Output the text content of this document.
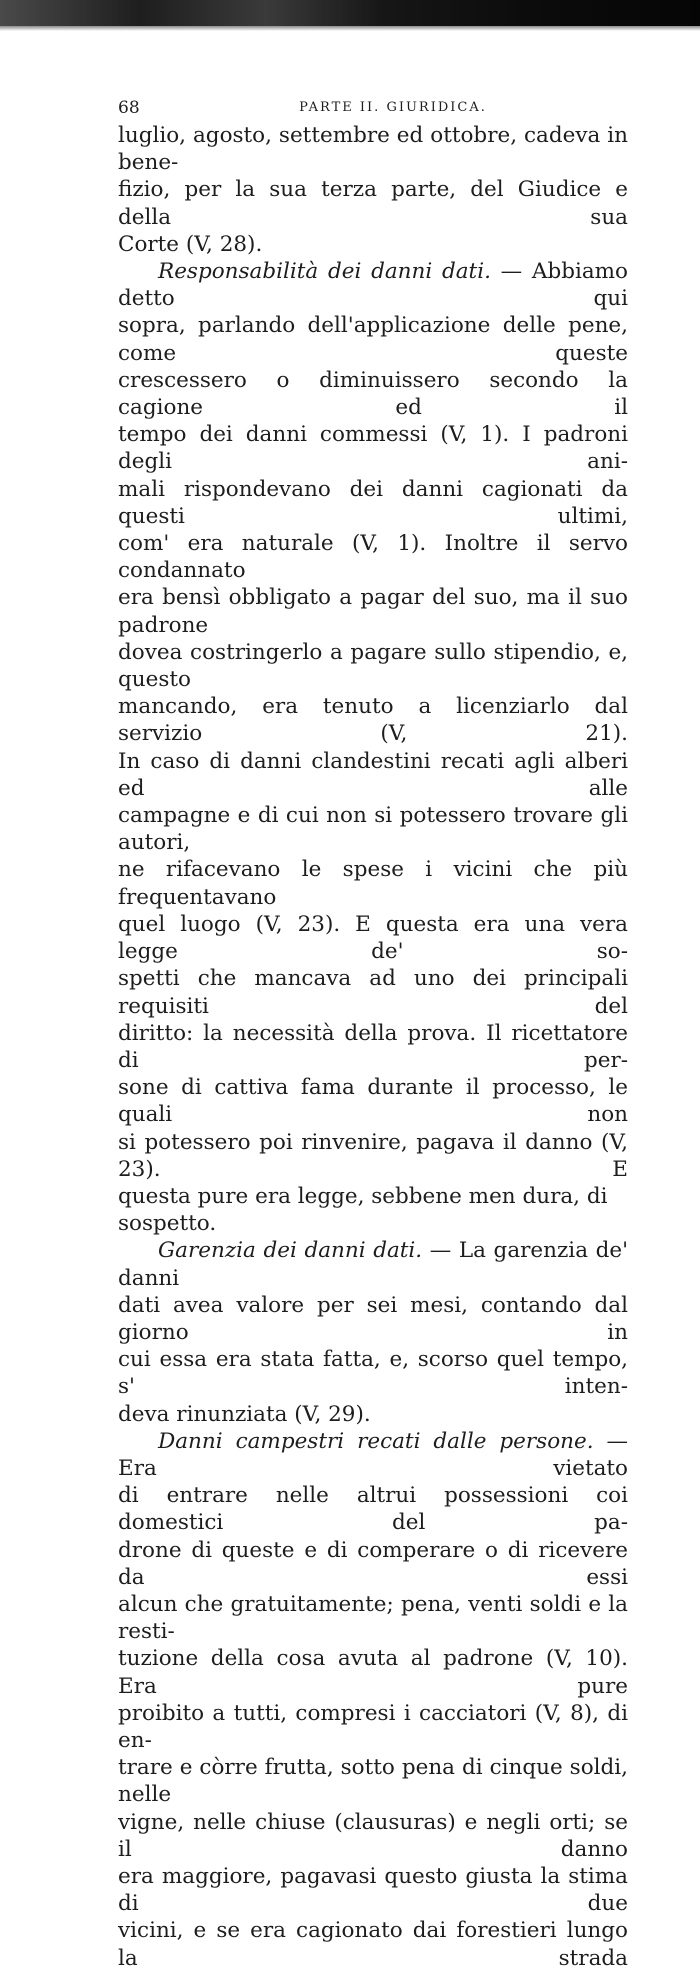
68	PARTE II. GIURIDICA.

luglio, agosto, settembre ed ottobre, cadeva in bene-
fizio, per la sua terza parte, del Giudice e della sua
Corte (V, 28).

Responsabilità dei danni dati. — Abbiamo detto qui
sopra, parlando dell'applicazione delle pene, come queste
crescessero o diminuissero secondo la cagione ed il
tempo dei danni commessi (V, 1). I padroni degli ani-
mali rispondevano dei danni cagionati da questi ultimi,
com' era naturale (V, 1). Inoltre il servo condannato
era bensì obbligato a pagar del suo, ma il suo padrone
dovea costringerlo a pagare sullo stipendio, e, questo
mancando, era tenuto a licenziarlo dal servizio (V, 21).
In caso di danni clandestini recati agli alberi ed alle
campagne e di cui non si potessero trovare gli autori,
ne rifacevano le spese i vicini che più frequentavano
quel luogo (V, 23). E questa era una vera legge de' so-
spetti che mancava ad uno dei principali requisiti del
diritto: la necessità della prova. Il ricettatore di per-
sone di cattiva fama durante il processo, le quali non
si potessero poi rinvenire, pagava il danno (V, 23). E
questa pure era legge, sebbene men dura, di sospetto.

Garenzia dei danni dati. — La garenzia de' danni
dati avea valore per sei mesi, contando dal giorno in
cui essa era stata fatta, e, scorso quel tempo, s' inten-
deva rinunziata (V, 29).

Danni campestri recati dalle persone. — Era vietato
di entrare nelle altrui possessioni coi domestici del pa-
drone di queste e di comperare o di ricevere da essi
alcun che gratuitamente; pena, venti soldi e la resti-
tuzione della cosa avuta al padrone (V, 10). Era pure
proibito a tutti, compresi i cacciatori (V, 8), di en-
trare e còrre frutta, sotto pena di cinque soldi, nelle
vigne, nelle chiuse (clausuras) e negli orti; se il danno
era maggiore, pagavasi questo giusta la stima di due
vicini, e se era cagionato dai forestieri lungo la strada
